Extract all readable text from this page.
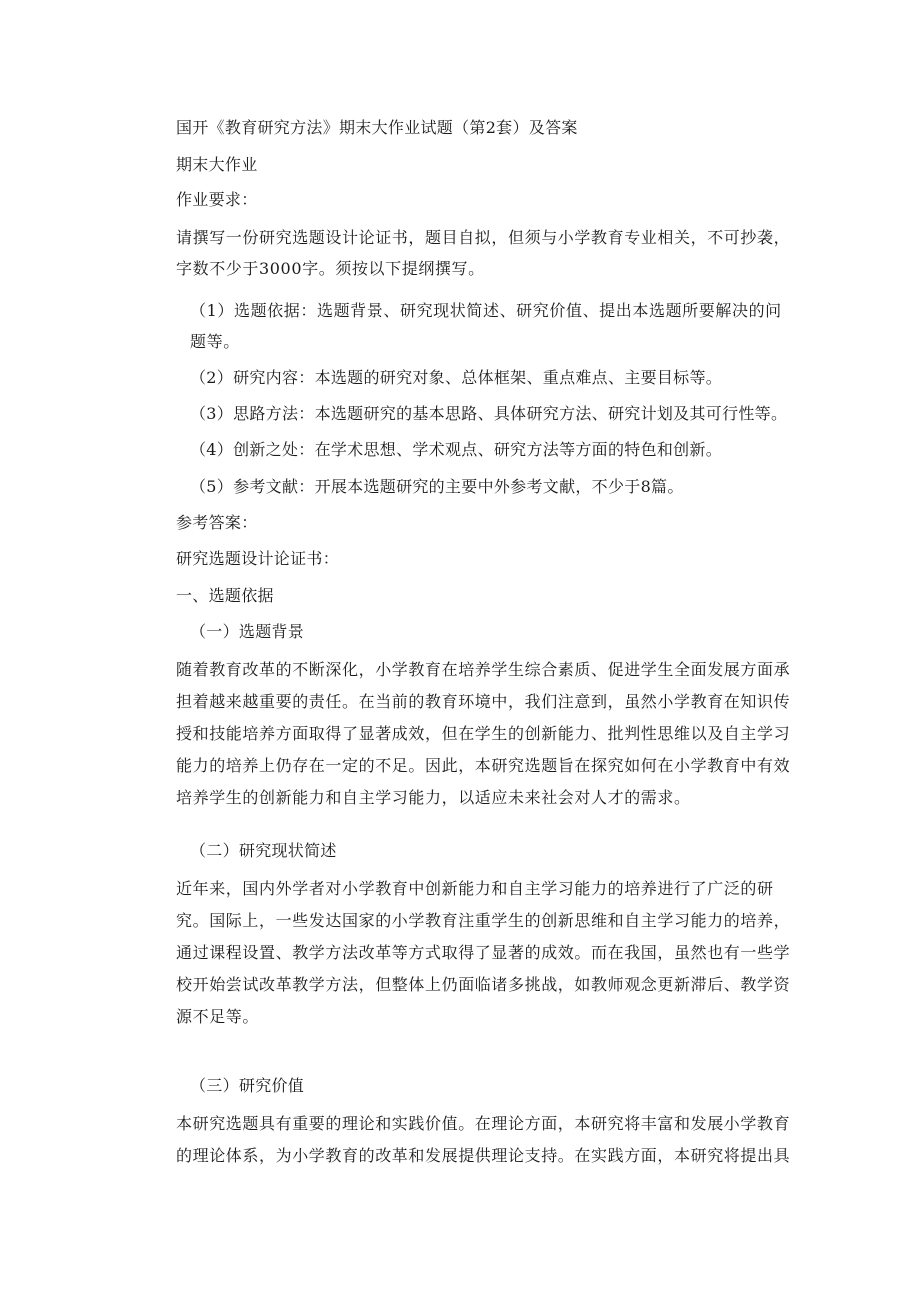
国开《教育研究方法》期末大作业试题（第2套）及答案

期末大作业

作业要求：

请撰写一份研究选题设计论证书，题目自拟，但须与小学教育专业相关，不可抄袭，字数不少于3000字。须按以下提纲撰写。

（1）选题依据：选题背景、研究现状简述、研究价值、提出本选题所要解决的问题等。

（2）研究内容：本选题的研究对象、总体框架、重点难点、主要目标等。

（3）思路方法：本选题研究的基本思路、具体研究方法、研究计划及其可行性等。

（4）创新之处：在学术思想、学术观点、研究方法等方面的特色和创新。

（5）参考文献：开展本选题研究的主要中外参考文献，不少于8篇。

参考答案：

研究选题设计论证书：

一、选题依据

（一）选题背景

随着教育改革的不断深化，小学教育在培养学生综合素质、促进学生全面发展方面承担着越来越重要的责任。在当前的教育环境中，我们注意到，虽然小学教育在知识传授和技能培养方面取得了显著成效，但在学生的创新能力、批判性思维以及自主学习能力的培养上仍存在一定的不足。因此，本研究选题旨在探究如何在小学教育中有效培养学生的创新能力和自主学习能力，以适应未来社会对人才的需求。

（二）研究现状简述

近年来，国内外学者对小学教育中创新能力和自主学习能力的培养进行了广泛的研究。国际上，一些发达国家的小学教育注重学生的创新思维和自主学习能力的培养，通过课程设置、教学方法改革等方式取得了显著的成效。而在我国，虽然也有一些学校开始尝试改革教学方法，但整体上仍面临诸多挑战，如教师观念更新滞后、教学资源不足等。

（三）研究价值

本研究选题具有重要的理论和实践价值。在理论方面，本研究将丰富和发展小学教育的理论体系，为小学教育的改革和发展提供理论支持。在实践方面，本研究将提出具
